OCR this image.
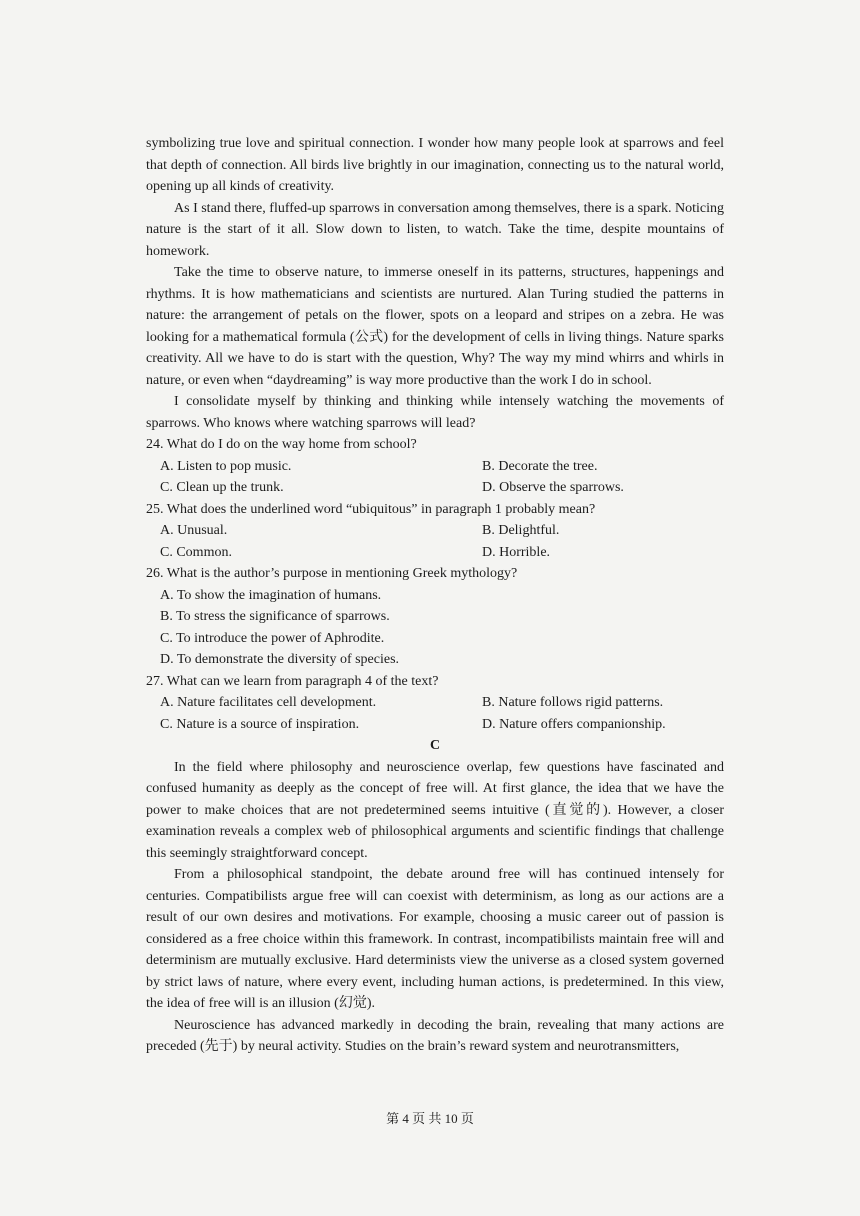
symbolizing true love and spiritual connection. I wonder how many people look at sparrows and feel that depth of connection. All birds live brightly in our imagination, connecting us to the natural world, opening up all kinds of creativity.

As I stand there, fluffed-up sparrows in conversation among themselves, there is a spark. Noticing nature is the start of it all. Slow down to listen, to watch. Take the time, despite mountains of homework.

Take the time to observe nature, to immerse oneself in its patterns, structures, happenings and rhythms. It is how mathematicians and scientists are nurtured. Alan Turing studied the patterns in nature: the arrangement of petals on the flower, spots on a leopard and stripes on a zebra. He was looking for a mathematical formula (公式) for the development of cells in living things. Nature sparks creativity. All we have to do is start with the question, Why? The way my mind whirrs and whirls in nature, or even when “daydreaming” is way more productive than the work I do in school.

I consolidate myself by thinking and thinking while intensely watching the movements of sparrows. Who knows where watching sparrows will lead?

24. What do I do on the way home from school?

A. Listen to pop music.	B. Decorate the tree.

C. Clean up the trunk.	D. Observe the sparrows.

25. What does the underlined word “ubiquitous” in paragraph 1 probably mean?

A. Unusual.	B. Delightful.

C. Common.	D. Horrible.

26. What is the author’s purpose in mentioning Greek mythology?

A. To show the imagination of humans.

B. To stress the significance of sparrows.

C. To introduce the power of Aphrodite.

D. To demonstrate the diversity of species.

27. What can we learn from paragraph 4 of the text?

A. Nature facilitates cell development.	B. Nature follows rigid patterns.

C. Nature is a source of inspiration.	D. Nature offers companionship.

C

In the field where philosophy and neuroscience overlap, few questions have fascinated and confused humanity as deeply as the concept of free will. At first glance, the idea that we have the power to make choices that are not predetermined seems intuitive (直觉的). However, a closer examination reveals a complex web of philosophical arguments and scientific findings that challenge this seemingly straightforward concept.

From a philosophical standpoint, the debate around free will has continued intensely for centuries. Compatibilists argue free will can coexist with determinism, as long as our actions are a result of our own desires and motivations. For example, choosing a music career out of passion is considered as a free choice within this framework. In contrast, incompatibilists maintain free will and determinism are mutually exclusive. Hard determinists view the universe as a closed system governed by strict laws of nature, where every event, including human actions, is predetermined. In this view, the idea of free will is an illusion (幻觉).

Neuroscience has advanced markedly in decoding the brain, revealing that many actions are preceded (先于) by neural activity. Studies on the brain’s reward system and neurotransmitters,

第 4 页 共 10 页
